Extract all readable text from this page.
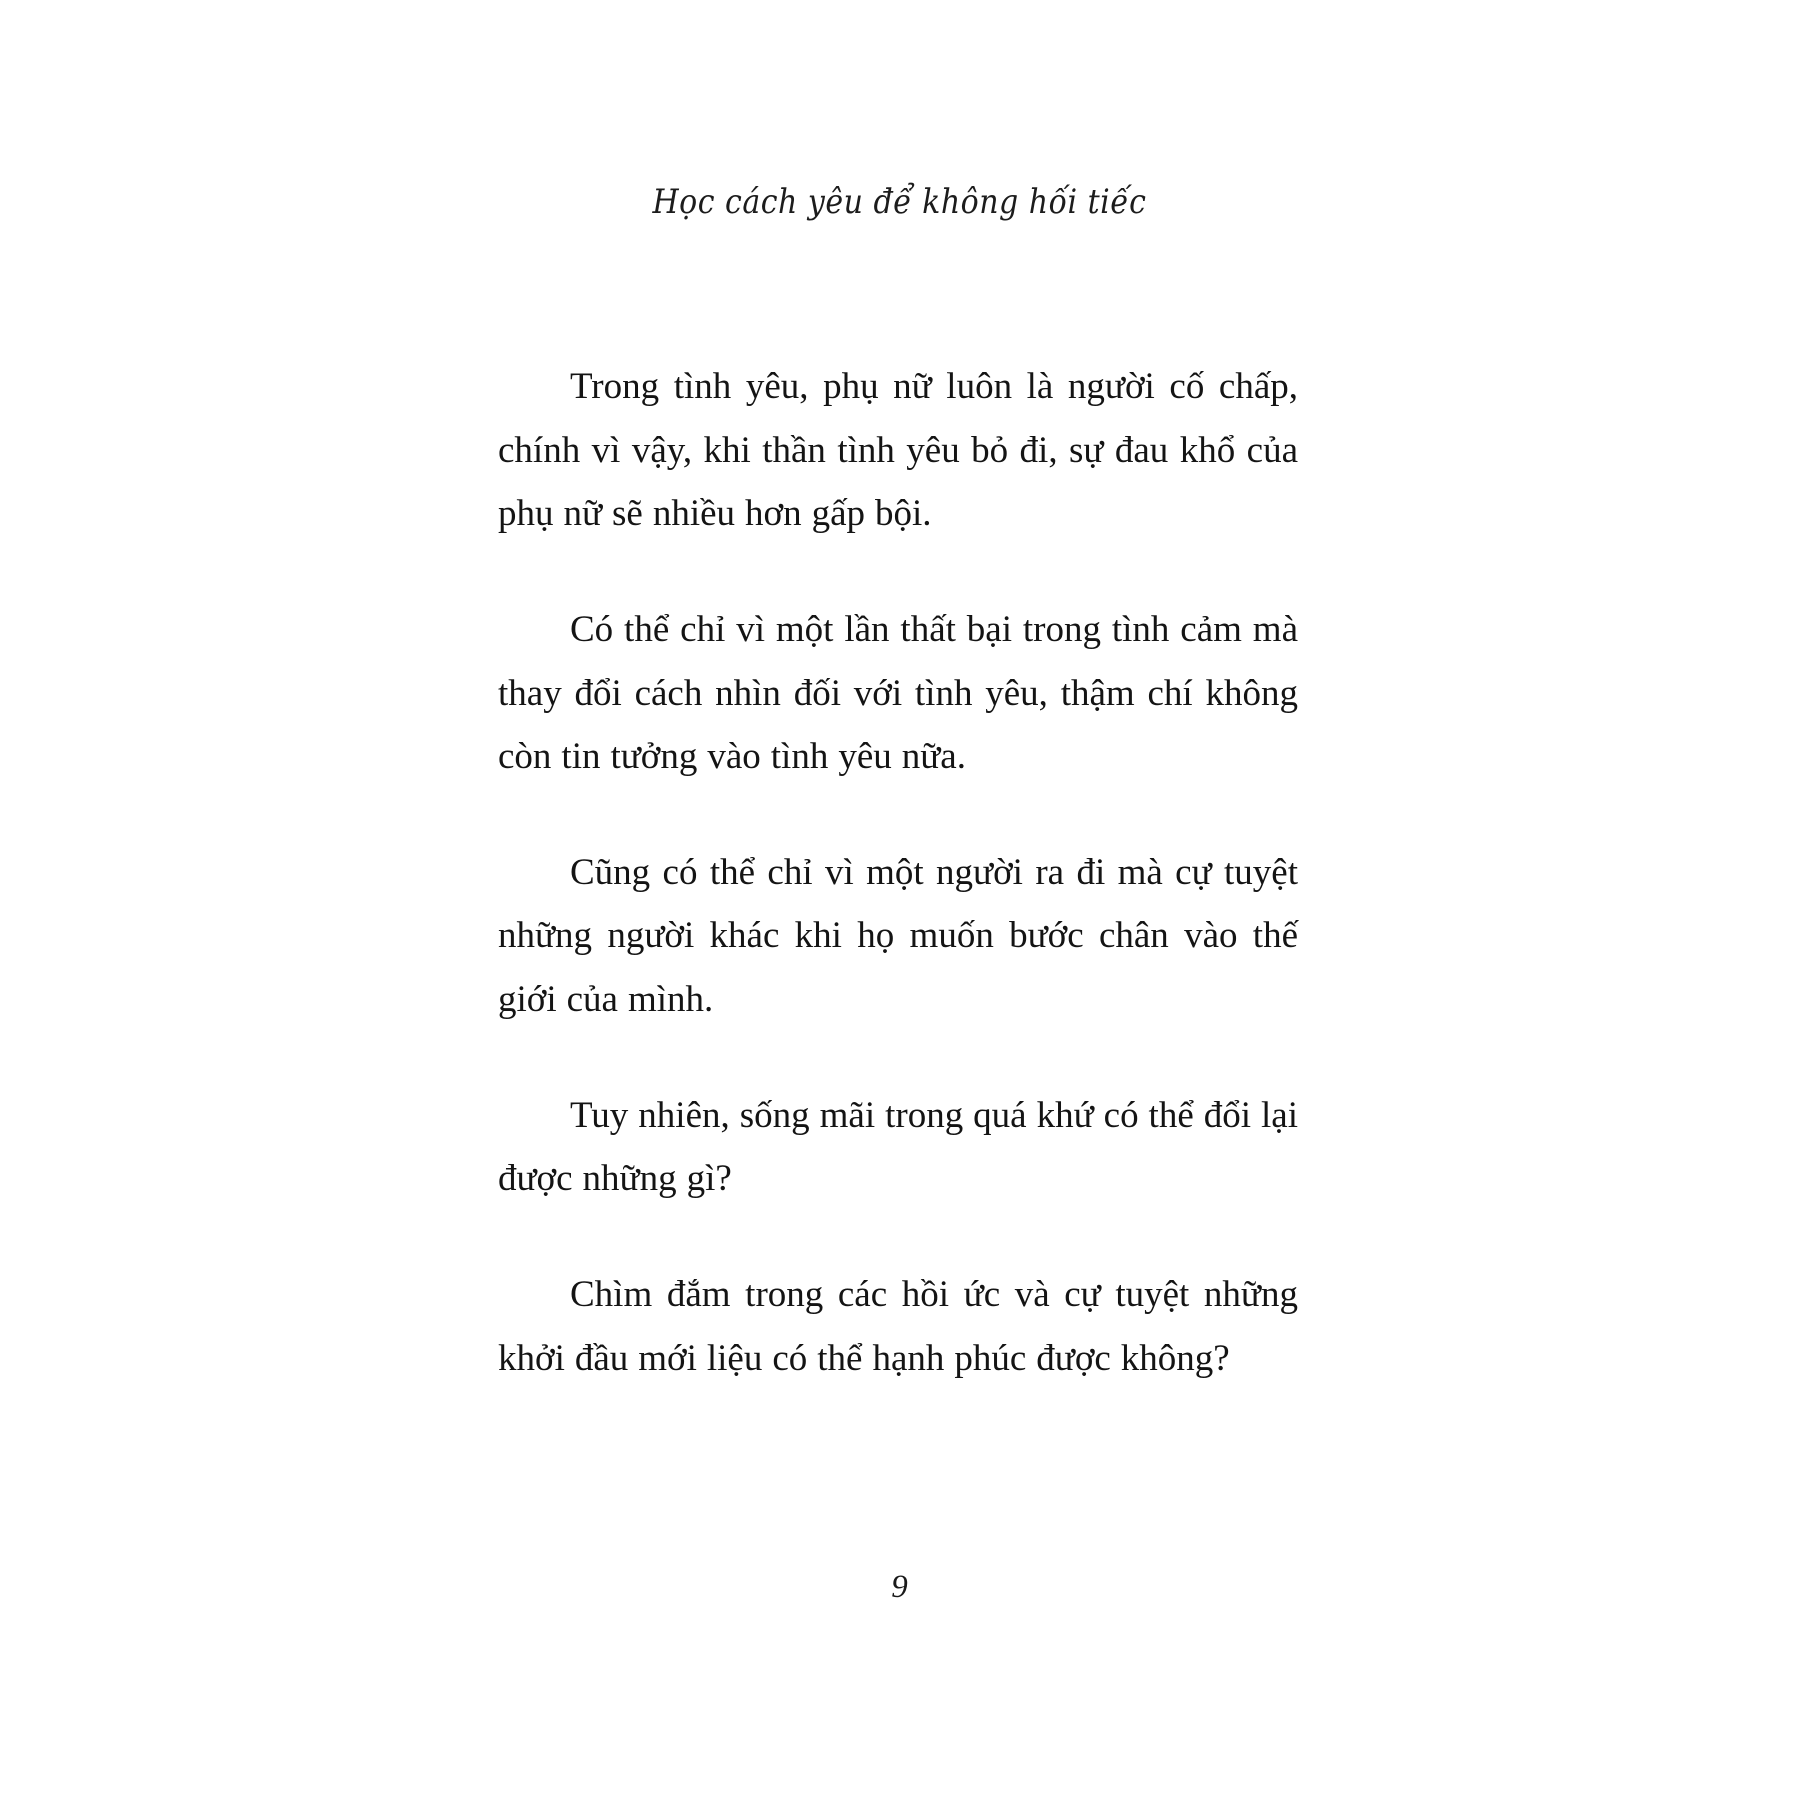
Học cách yêu để không hối tiếc

Trong tình yêu, phụ nữ luôn là người cố chấp, chính vì vậy, khi thần tình yêu bỏ đi, sự đau khổ của phụ nữ sẽ nhiều hơn gấp bội.

Có thể chỉ vì một lần thất bại trong tình cảm mà thay đổi cách nhìn đối với tình yêu, thậm chí không còn tin tưởng vào tình yêu nữa.

Cũng có thể chỉ vì một người ra đi mà cự tuyệt những người khác khi họ muốn bước chân vào thế giới của mình.

Tuy nhiên, sống mãi trong quá khứ có thể đổi lại được những gì?

Chìm đắm trong các hồi ức và cự tuyệt những khởi đầu mới liệu có thể hạnh phúc được không?

9
